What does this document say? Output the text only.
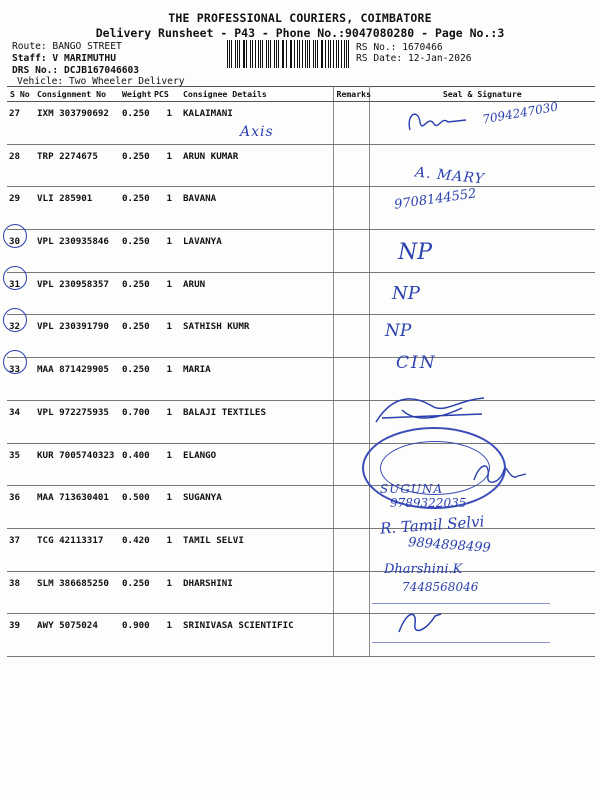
THE PROFESSIONAL COURIERS, COIMBATORE
Delivery Runsheet - P43 - Phone No.:9047080280 - Page No.:3
Route: BANGO STREET
Staff: V MARIMUTHU
DRS No.: DCJB167046603
Vehicle: Two Wheeler Delivery
RS No.: 1670466
RS Date: 12-Jan-2026
S No	Consignment No	Weight	PCS	Consignee Details	Remarks	Seal & Signature
27	IXM 303790692	0.250	1	KALAIMANI		
28	TRP 2274675	0.250	1	ARUN KUMAR		
29	VLI 285901	0.250	1	BAVANA		
30	VPL 230935846	0.250	1	LAVANYA		
31	VPL 230958357	0.250	1	ARUN		
32	VPL 230391790	0.250	1	SATHISH KUMR		
33	MAA 871429905	0.250	1	MARIA		
34	VPL 972275935	0.700	1	BALAJI TEXTILES		
35	KUR 7005740323	0.400	1	ELANGO		
36	MAA 713630401	0.500	1	SUGANYA		
37	TCG 42113317	0.420	1	TAMIL SELVI		
38	SLM 386685250	0.250	1	DHARSHINI		
39	AWY 5075024	0.900	1	SRINIVASA SCIENTIFIC		
Axis
7094247030
A. MARY
9708144552
NP
NP
NP
CIN
SUGUNA
9789322035
R. Tamil Selvi
9894898499
Dharshini.K
7448568046
